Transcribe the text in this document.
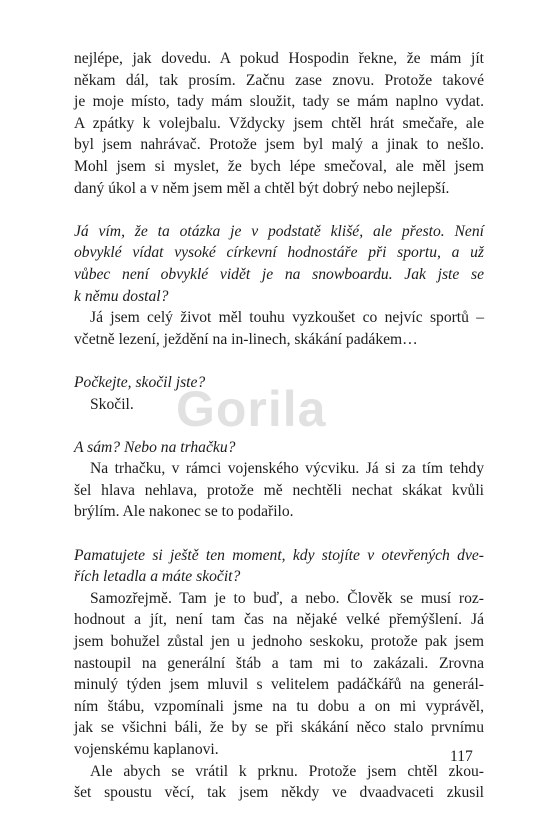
nejlépe, jak dovedu. A pokud Hospodin řekne, že mám jít
někam dál, tak prosím. Začnu zase znovu. Protože takové
je moje místo, tady mám sloužit, tady se mám naplno vydat.
A zpátky k volejbalu. Vždycky jsem chtěl hrát smečaře, ale
byl jsem nahrávač. Protože jsem byl malý a jinak to nešlo.
Mohl jsem si myslet, že bych lépe smečoval, ale měl jsem
daný úkol a v něm jsem měl a chtěl být dobrý nebo nejlepší.
Já vím, že ta otázka je v podstatě klišé, ale přesto. Není
obvyklé vídat vysoké církevní hodnostáře při sportu, a už
vůbec není obvyklé vidět je na snowboardu. Jak jste se
k němu dostal?
Já jsem celý život měl touhu vyzkoušet co nejvíc sportů –
včetně lezení, ježdění na in-linech, skákání padákem…
Počkejte, skočil jste?
Skočil.
A sám? Nebo na trhačku?
Na trhačku, v rámci vojenského výcviku. Já si za tím tehdy
šel hlava nehlava, protože mě nechtěli nechat skákat kvůli
brýlím. Ale nakonec se to podařilo.
Pamatujete si ještě ten moment, kdy stojíte v otevřených dve-
řích letadla a máte skočit?
Samozřejmě. Tam je to buď, a nebo. Člověk se musí roz-
hodnout a jít, není tam čas na nějaké velké přemýšlení. Já
jsem bohužel zůstal jen u jednoho seskoku, protože pak jsem
nastoupil na generální štáb a tam mi to zakázali. Zrovna
minulý týden jsem mluvil s velitelem padáčkářů na generál-
ním štábu, vzpomínali jsme na tu dobu a on mi vyprávěl,
jak se všichni báli, že by se při skákání něco stalo prvnímu
vojenskému kaplanovi.
Ale abych se vrátil k prknu. Protože jsem chtěl zkou-
šet spoustu věcí, tak jsem někdy ve dvaadvaceti zkusil
Gorila
117
